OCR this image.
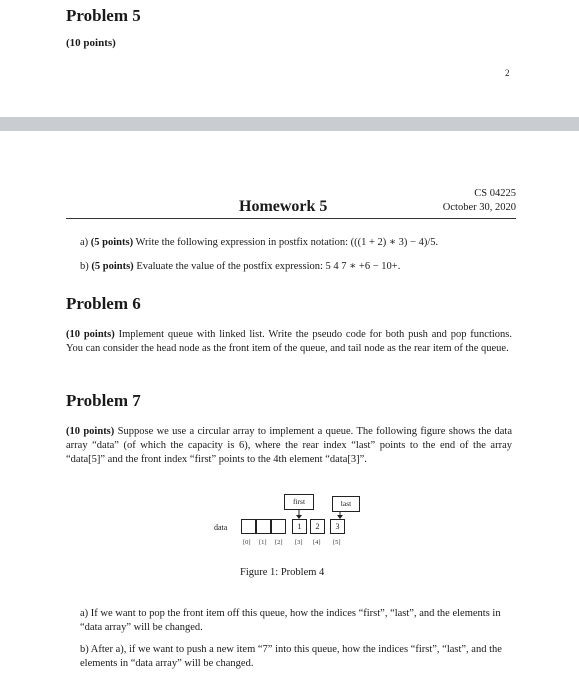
Problem 5
(10 points)
2
CS 04225
Homework 5	October 30, 2020
a) (5 points) Write the following expression in postfix notation: (((1 + 2) ∗ 3) − 4)/5.
b) (5 points) Evaluate the value of the postfix expression: 5 4 7 ∗ +6 − 10+.
Problem 6
(10 points) Implement queue with linked list. Write the pseudo code for both push and pop functions. You can consider the head node as the front item of the queue, and tail node as the rear item of the queue.
Problem 7
(10 points) Suppose we use a circular array to implement a queue. The following figure shows the data array “data” (of which the capacity is 6), where the rear index “last” points to the end of the array “data[5]” and the front index “first” points to the 4th element “data[3]”.
first	last
data	1	2	3
[0] [1] [2] [3] [4] [5]
Figure 1: Problem 4
a) If we want to pop the front item off this queue, how the indices “first”, “last”, and the elements in “data array” will be changed.
b) After a), if we want to push a new item “7” into this queue, how the indices “first”, “last”, and the elements in “data array” will be changed.
